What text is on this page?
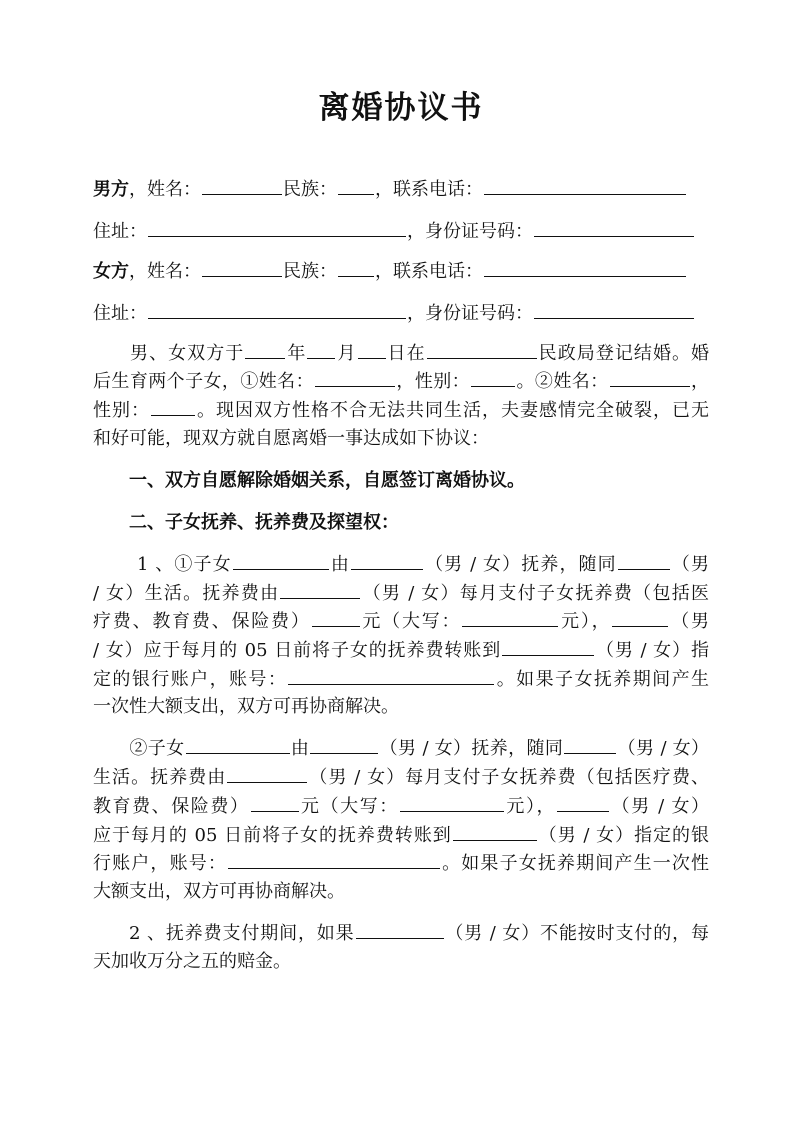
离婚协议书
男方，姓名：	民族： ，联系电话：
住址：	，身份证号码：
女方，姓名：	民族： ，联系电话：
住址：	，身份证号码：
男、女双方于 年 月 日在	民政局登记结婚。婚
后生育两个子女，①姓名：	，性别：	。②姓名：	，
性别：	。现因双方性格不合无法共同生活，夫妻感情完全破裂，已无
和好可能，现双方就自愿离婚一事达成如下协议：
一、双方自愿解除婚姻关系，自愿签订离婚协议。
二、子女抚养、抚养费及探望权：
1 、①子女	由	（男 / 女）抚养，随同	（男
/ 女）生活。抚养费由	（男 / 女）每月支付子女抚养费（包括医
疗费、教育费、保险费）	元（大写：	元），	（男
/ 女）应于每月的 05 日前将子女的抚养费转账到	（男 / 女）指
定的银行账户，账号：	。如果子女抚养期间产生
一次性大额支出，双方可再协商解决。
②子女	由	（男 / 女）抚养，随同	（男 / 女）
生活。抚养费由	（男 / 女）每月支付子女抚养费（包括医疗费、
教育费、保险费）	元（大写：	元），	（男 / 女）
应于每月的 05 日前将子女的抚养费转账到	（男 / 女）指定的银
行账户，账号：	。如果子女抚养期间产生一次性
大额支出，双方可再协商解决。
2 、抚养费支付期间，如果	（男 / 女）不能按时支付的，每
天加收万分之五的赔金。
